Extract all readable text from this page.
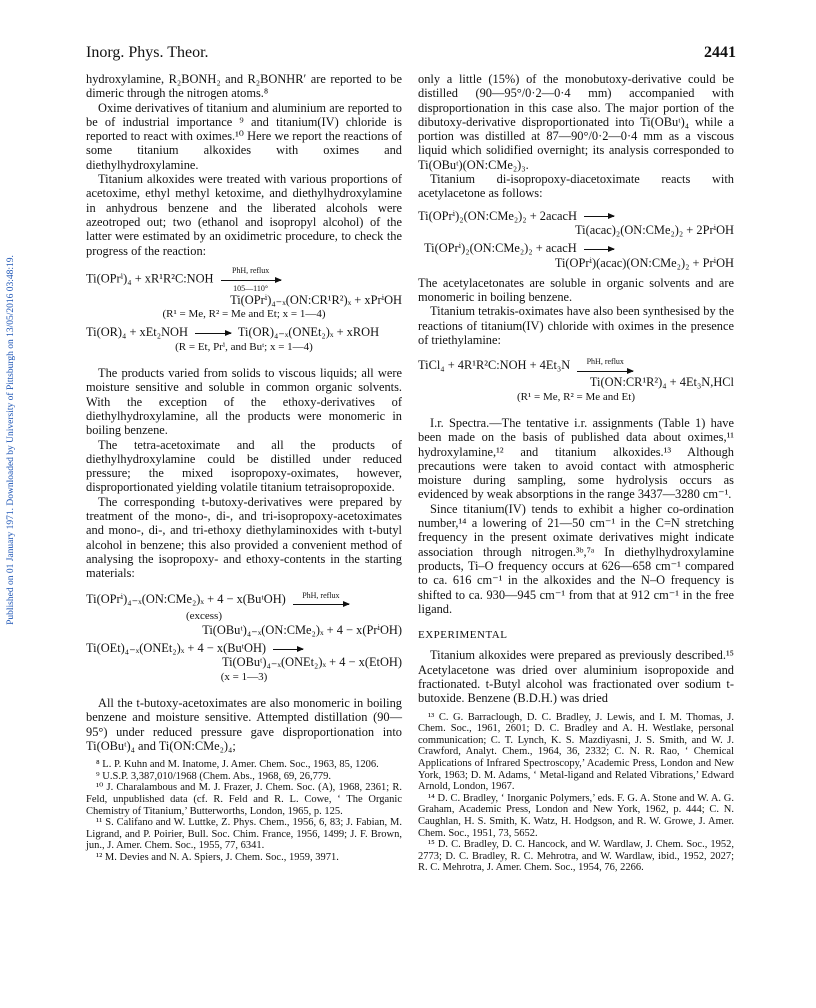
Inorg. Phys. Theor.	2441
Published on 01 January 1971. Downloaded by University of Pittsburgh on 13/05/2016 03:48:19.

hydroxylamine, R₂BONH₂ and R₂BONHR′ are reported to be dimeric through the nitrogen atoms.⁸

Oxime derivatives of titanium and aluminium are reported to be of industrial importance ⁹ and titanium(IV) chloride is reported to react with oximes.¹⁰ Here we report the reactions of some titanium alkoxides with oximes and diethylhydroxylamine.

Titanium alkoxides were treated with various proportions of acetoxime, ethyl methyl ketoxime, and diethylhydroxylamine in anhydrous benzene and the liberated alcohols were azeotroped out; two (ethanol and isopropyl alcohol) of the latter were estimated by an oxidimetric procedure, to check the progress of the reaction:

Ti(OPrⁱ)₄ + xR¹R²C:NOH PhH, reflux

105—110°
Ti(OPrⁱ)₄₋ₓ(ON:CR¹R²)ₓ + xPrⁱOH
(R¹ = Me, R² = Me and Et; x = 1—4)
Ti(OR)₄ + xEt₂NOH → Ti(OR)₄₋ₓ(ONEt₂)ₓ + xROH
(R = Et, Prⁱ, and Buᵗ; x = 1—4)

The products varied from solids to viscous liquids; all were moisture sensitive and soluble in common organic solvents. With the exception of the ethoxy-derivatives of diethylhydroxylamine, all the products were monomeric in boiling benzene.

The tetra-acetoximate and all the products of diethylhydroxylamine could be distilled under reduced pressure; the mixed isopropoxy-oximates, however, disproportionated yielding volatile titanium tetraisopropoxide.

The corresponding t-butoxy-derivatives were prepared by treatment of the mono-, di-, and tri-isopropoxy-acetoximates and mono-, di-, and tri-ethoxy diethylaminoxides with t-butyl alcohol in benzene; this also provided a convenient method of analysing the isopropoxy- and ethoxy-contents in the starting materials:

Ti(OPrⁱ)₄₋ₓ(ON:CMe₂)ₓ + 4 − x(BuᵗOH) PhH, reflux

(excess)
Ti(OBuᵗ)₄₋ₓ(ON:CMe₂)ₓ + 4 − x(PrⁱOH)
Ti(OEt)₄₋ₓ(ONEt₂)ₓ + 4 − x(BuᵗOH) →
Ti(OBuᵗ)₄₋ₓ(ONEt₂)ₓ + 4 − x(EtOH)
(x = 1—3)

All the t-butoxy-acetoximates are also monomeric in boiling benzene and moisture sensitive. Attempted distillation (90—95°) under reduced pressure gave disproportionation into Ti(OBuᵗ)₄ and Ti(ON:CMe₂)₄;

⁸ L. P. Kuhn and M. Inatome, J. Amer. Chem. Soc., 1963, 85, 1206.
⁹ U.S.P. 3,387,010/1968 (Chem. Abs., 1968, 69, 26,779.
¹⁰ J. Charalambous and M. J. Frazer, J. Chem. Soc. (A), 1968, 2361; R. Feld, unpublished data (cf. R. Feld and R. L. Cowe, ‘ The Organic Chemistry of Titanium,’ Butterworths, London, 1965, p. 125.
¹¹ S. Califano and W. Luttke, Z. Phys. Chem., 1956, 6, 83; J. Fabian, M. Ligrand, and P. Poirier, Bull. Soc. Chim. France, 1956, 1499; J. F. Brown, jun., J. Amer. Chem. Soc., 1955, 77, 6341.
¹² M. Devies and N. A. Spiers, J. Chem. Soc., 1959, 3971.

only a little (15%) of the monobutoxy-derivative could be distilled (90—95°/0·2—0·4 mm) accompanied with disproportionation in this case also. The major portion of the dibutoxy-derivative disproportionated into Ti(OBuᵗ)₄ while a portion was distilled at 87—90°/0·2—0·4 mm as a viscous liquid which solidified overnight; its analysis corresponded to Ti(OBuᵗ)(ON:CMe₂)₃.

Titanium di-isopropoxy-diacetoximate reacts with acetylacetone as follows:

Ti(OPrⁱ)₂(ON:CMe₂)₂ + 2acacH →
Ti(acac)₂(ON:CMe₂)₂ + 2PrⁱOH
Ti(OPrⁱ)₂(ON:CMe₂)₂ + acacH →
Ti(OPrⁱ)(acac)(ON:CMe₂)₂ + PrⁱOH

The acetylacetonates are soluble in organic solvents and are monomeric in boiling benzene.

Titanium tetrakis-oximates have also been synthesised by the reactions of titanium(IV) chloride with oximes in the presence of triethylamine:

TiCl₄ + 4R¹R²C:NOH + 4Et₃N PhH, reflux

Ti(ON:CR¹R²)₄ + 4Et₃N,HCl
(R¹ = Me, R² = Me and Et)

I.r. Spectra.—The tentative i.r. assignments (Table 1) have been made on the basis of published data about oximes,¹¹ hydroxylamine,¹² and titanium alkoxides.¹³ Although precautions were taken to avoid contact with atmospheric moisture during sampling, some hydrolysis occurs as evidenced by weak absorptions in the range 3437—3280 cm⁻¹.

Since titanium(IV) tends to exhibit a higher co-ordination number,¹⁴ a lowering of 21—50 cm⁻¹ in the C=N stretching frequency in the present oximate derivatives might indicate association through nitrogen.³ᵇ,⁷ᵃ In diethylhydroxylamine products, Ti–O frequency occurs at 626—658 cm⁻¹ compared to ca. 616 cm⁻¹ in the alkoxides and the N–O frequency is shifted to ca. 930—945 cm⁻¹ from that at 912 cm⁻¹ in the free ligand.

EXPERIMENTAL

Titanium alkoxides were prepared as previously described.¹⁵ Acetylacetone was dried over aluminium isopropoxide and fractionated. t-Butyl alcohol was fractionated over sodium t-butoxide. Benzene (B.D.H.) was dried

¹³ C. G. Barraclough, D. C. Bradley, J. Lewis, and I. M. Thomas, J. Chem. Soc., 1961, 2601; D. C. Bradley and A. H. Westlake, personal communication; C. T. Lynch, K. S. Mazdiyasni, J. S. Smith, and W. J. Crawford, Analyt. Chem., 1964, 36, 2332; C. N. R. Rao, ‘ Chemical Applications of Infrared Spectroscopy,’ Academic Press, London and New York, 1963; D. M. Adams, ‘ Metal-ligand and Related Vibrations,’ Edward Arnold, London, 1967.
¹⁴ D. C. Bradley, ‘ Inorganic Polymers,’ eds. F. G. A. Stone and W. A. G. Graham, Academic Press, London and New York, 1962, p. 444; C. N. Caughlan, H. S. Smith, K. Watz, H. Hodgson, and R. W. Growe, J. Amer. Chem. Soc., 1951, 73, 5652.
¹⁵ D. C. Bradley, D. C. Hancock, and W. Wardlaw, J. Chem. Soc., 1952, 2773; D. C. Bradley, R. C. Mehrotra, and W. Wardlaw, ibid., 1952, 2027; R. C. Mehrotra, J. Amer. Chem. Soc., 1954, 76, 2266.
